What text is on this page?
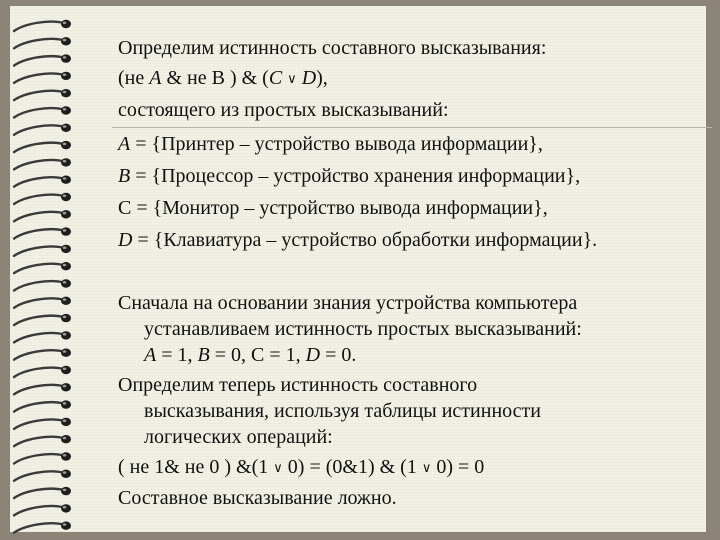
Определим истинность составного высказывания:
(не A & не B ) & (C ∨ D),
состоящего из простых высказываний:
A = {Принтер – устройство вывода информации},
B = {Процессор – устройство хранения информации},
C = {Монитор – устройство вывода информации},
D = {Клавиатура – устройство обработки информации}.
Сначала на основании знания устройства компьютера
устанавливаем истинность простых высказываний:
A = 1, B = 0, С = 1, D = 0.
Определим теперь истинность составного
высказывания, используя таблицы истинности
логических операций:
( не 1& не 0 ) &(1 ∨ 0) = (0&1) & (1 ∨ 0) = 0
Составное высказывание ложно.
